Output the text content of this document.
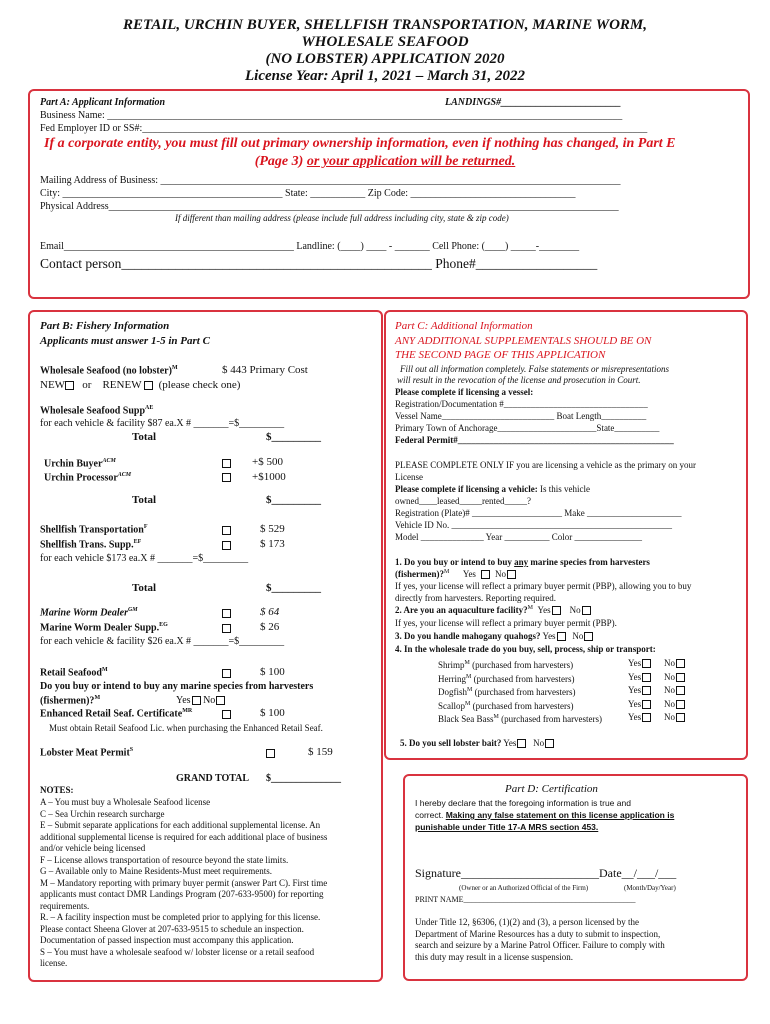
RETAIL, URCHIN BUYER, SHELLFISH TRANSPORTATION, MARINE WORM,
WHOLESALE SEAFOOD
(NO LOBSTER) APPLICATION 2020
License Year: April 1, 2021 – March 31, 2022
Part A: Applicant Information	LANDINGS#________________________
Business Name: _______________________________________________________________________________________________________
Fed Employer ID or SS#:_____________________________________________________________________________________________________
If a corporate entity, you must fill out primary ownership information, even if nothing has changed, in Part E
(Page 3) or your application will be returned.
Mailing Address of Business: ____________________________________________________________________________________________
City: ____________________________________________ State: ___________ Zip Code: _________________________________
Physical Address______________________________________________________________________________________________________
If different than mailing address (please include full address including city, state & zip code)
Email______________________________________________ Landline: (____) ____ - _______ Cell Phone: (____) _____-________
Contact person______________________________________________ Phone#__________________
Part B: Fishery Information
Applicants must answer 1-5 in Part C
Wholesale Seafood (no lobster)$^M$	$ 443 Primary Cost
NEW or RENEW (please check one)
Wholesale Seafood Supp$^{AE}$
for each vehicle & facility $87 ea.X # _______=$_________
Total	$_________
Urchin Buyer$^{ACM}$	+$ 500
Urchin Processor$^{ACM}$	+$1000
Total	$_________
Shellfish Transportation$^F$	$ 529
Shellfish Trans. Supp.$^{EF}$	$ 173
for each vehicle $173 ea.X # _______=$_________
Total	$_________
Marine Worm Dealer$^{GM}$	$ 64
Marine Worm Dealer Supp.$^{EG}$	$ 26
for each vehicle & facility $26 ea.X # _______=$_________
Retail Seafood$^M$	$ 100
Do you buy or intend to buy any marine species from harvesters
(fishermen)?$^M$	Yes No
Enhanced Retail Seaf. Certificate$^{MR}$	$ 100
Must obtain Retail Seafood Lic. when purchasing the Enhanced Retail Seaf.
Lobster Meat Permit$^S$	$ 159
GRAND TOTAL $______________
NOTES:
A – You must buy a Wholesale Seafood license
C – Sea Urchin research surcharge
E – Submit separate applications for each additional supplemental license. An
additional supplemental license is required for each additional place of business
and/or vehicle being licensed
F – License allows transportation of resource beyond the state limits.
G – Available only to Maine Residents-Must meet requirements.
M – Mandatory reporting with primary buyer permit (answer Part C). First time
applicants must contact DMR Landings Program (207-633-9500) for reporting
requirements.
R. – A facility inspection must be completed prior to applying for this license.
Please contact Sheena Glover at 207-633-9515 to schedule an inspection.
Documentation of passed inspection must accompany this application.
S – You must have a wholesale seafood w/ lobster license or a retail seafood
license.
Part C: Additional Information
ANY ADDITIONAL SUPPLEMENTALS SHOULD BE ON
THE SECOND PAGE OF THIS APPLICATION
Fill out all information completely. False statements or misrepresentations
will result in the revocation of the license and prosecution in Court.
Please complete if licensing a vessel:
Registration/Documentation #________________________________
Vessel Name_________________________ Boat Length__________
Primary Town of Anchorage______________________State__________
Federal Permit#________________________________________________
PLEASE COMPLETE ONLY IF you are licensing a vehicle as the primary on your
License
Please complete if licensing a vehicle: Is this vehicle
owned____leased_____rented_____?
Registration (Plate)# ____________________ Make _____________________
Vehicle ID No. _________________________________________________
Model ______________ Year __________ Color _______________
1. Do you buy or intend to buy any marine species from harvesters
(fishermen)?$^M$ Yes No
If yes, your license will reflect a primary buyer permit (PBP), allowing you to buy
directly from harvesters. Reporting required.
2. Are you an aquaculture facility?$^M$ Yes No
If yes, your license will reflect a primary buyer permit (PBP).
3. Do you handle mahogany quahogs? Yes No
4. In the wholesale trade do you buy, sell, process, ship or transport:
Shrimp$^M$ (purchased from harvesters)	Yes	No
Herring$^M$ (purchased from harvesters)	Yes	No
Dogfish$^M$ (purchased from harvesters)	Yes	No
Scallop$^M$ (purchased from harvesters)	Yes	No
Black Sea Bass$^M$ (purchased from harvesters)	Yes	No
5. Do you sell lobster bait? Yes No
Part D: Certification
I hereby declare that the foregoing information is true and
correct. Making any false statement on this license application is
punishable under Title 17-A MRS section 453.
Signature_______________________Date__/___/___
(Owner or an Authorized Official of the Firm)	(Month/Day/Year)
PRINT NAME___________________________________________
Under Title 12, §6306, (1)(2) and (3), a person licensed by the
Department of Marine Resources has a duty to submit to inspection,
search and seizure by a Marine Patrol Officer. Failure to comply with
this duty may result in a license suspension.
